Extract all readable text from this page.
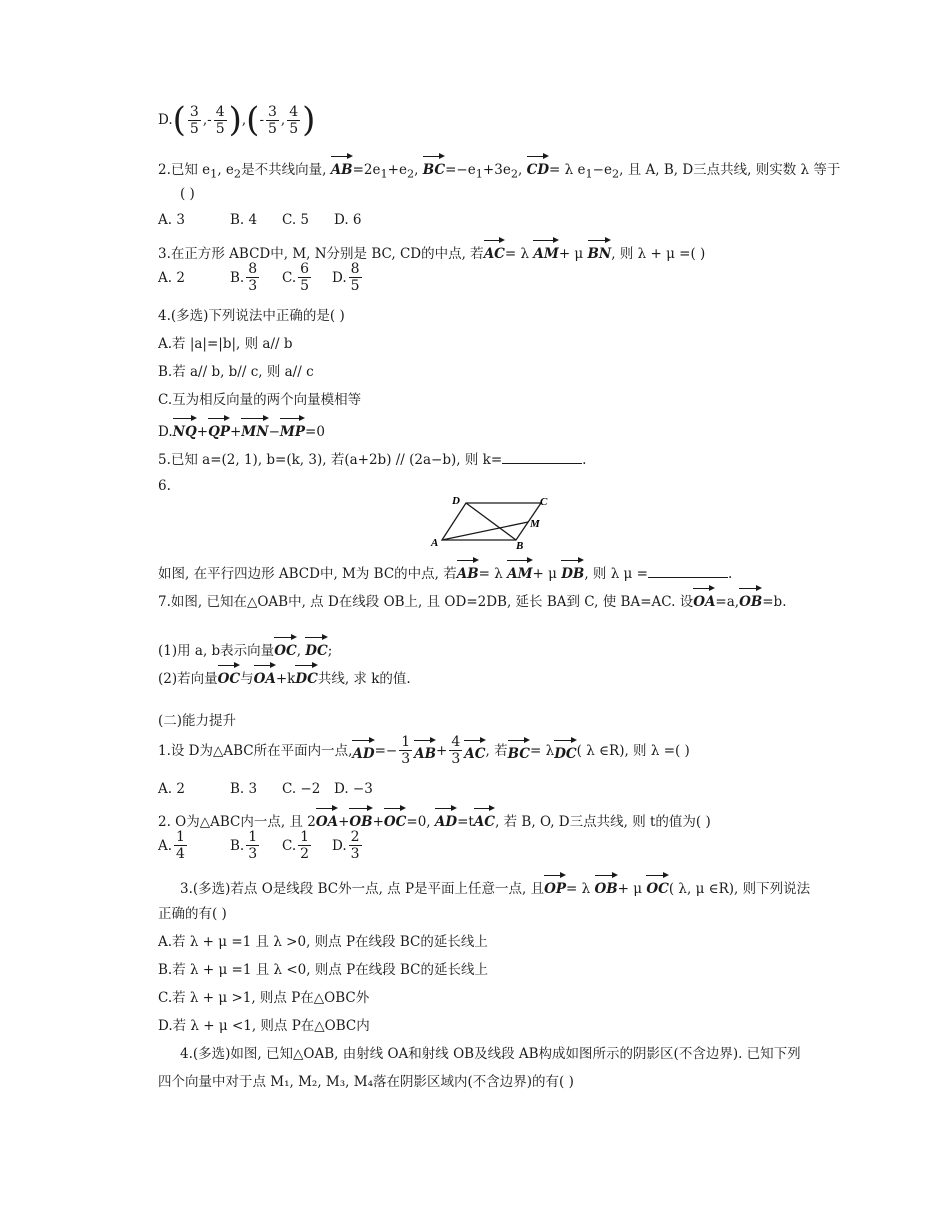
D. ( $\frac{3}{5}$ ,- $\frac{4}{5}$ ) , ( - $\frac{3}{5}$ , $\frac{4}{5}$ )
2.已知 $e_1$, $e_2$是不共线向量, $AB=2e_1+e_2$, $BC=-e_1+3e_2$, CD= λ $e_1-e_2$, 且 A, B, D三点共线, 则实数 λ 等于
( )
A. 3	B. 4 C. 5 D. 6
3.在正方形 ABCD中, M, N分别是 BC, CD的中点, 若AC= λ AM+ μ BN, 则 λ + μ =( )
A. 2	B. $\frac{8}{3} C$. $\frac{6}{5} D$. $\frac{8}{5}$
4.(多选)下列说法中正确的是( )
A.若 |a|=|b|, 则 a// b
B.若 a// b, b// c, 则 a// c
C.互为相反向量的两个向量模相等
D.NQ+QP+MN−MP=0
5.已知 a=(2, 1), b=(k, 3), 若(a+2b) // (2a−b), 则 k=	.
6.
A	B
C
D
M
如图, 在平行四边形 ABCD中, M为 BC的中点, 若AB= λ AM+ μ DB, 则 λ μ =	.
7.如图, 已知在△OAB中, 点 D在线段 OB上, 且 OD=2DB, 延长 BA到 C, 使 BA=AC. 设OA=a,OB=b.
(1)用 a, b表示向量OC, DC;
(2)若向量OC与OA+kDC共线, 求 k的值.
(二)能力提升
1.设 D为△ABC所在平面内一点, AD =− $\frac{1}{3}$ AB + $\frac{4}{3}$ AC , 若 BC = λ DC ( λ ∈R), 则 λ =( )
A. 2	B. 3 C. −2 D. −3
2. O为△ABC内一点, 且 2OA+OB+OC=0, AD=tAC, 若 B, O, D三点共线, 则 t的值为( )
A. $\frac{1}{4}$	B. $\frac{1}{3} C$. $\frac{1}{2} D$. $\frac{2}{3}$
3.(多选)若点 O是线段 BC外一点, 点 P是平面上任意一点, 且OP= λ OB+ μ OC( λ, μ ∈R), 则下列说法
正确的有( )
A.若 λ + μ =1 且 λ >0, 则点 P在线段 BC的延长线上
B.若 λ + μ =1 且 λ <0, 则点 P在线段 BC的延长线上
C.若 λ + μ >1, 则点 P在△OBC外
D.若 λ + μ <1, 则点 P在△OBC内
4.(多选)如图, 已知△OAB, 由射线 OA和射线 OB及线段 AB构成如图所示的阴影区(不含边界). 已知下列
四个向量中对于点 M₁, M₂, M₃, M₄落在阴影区域内(不含边界)的有( )
